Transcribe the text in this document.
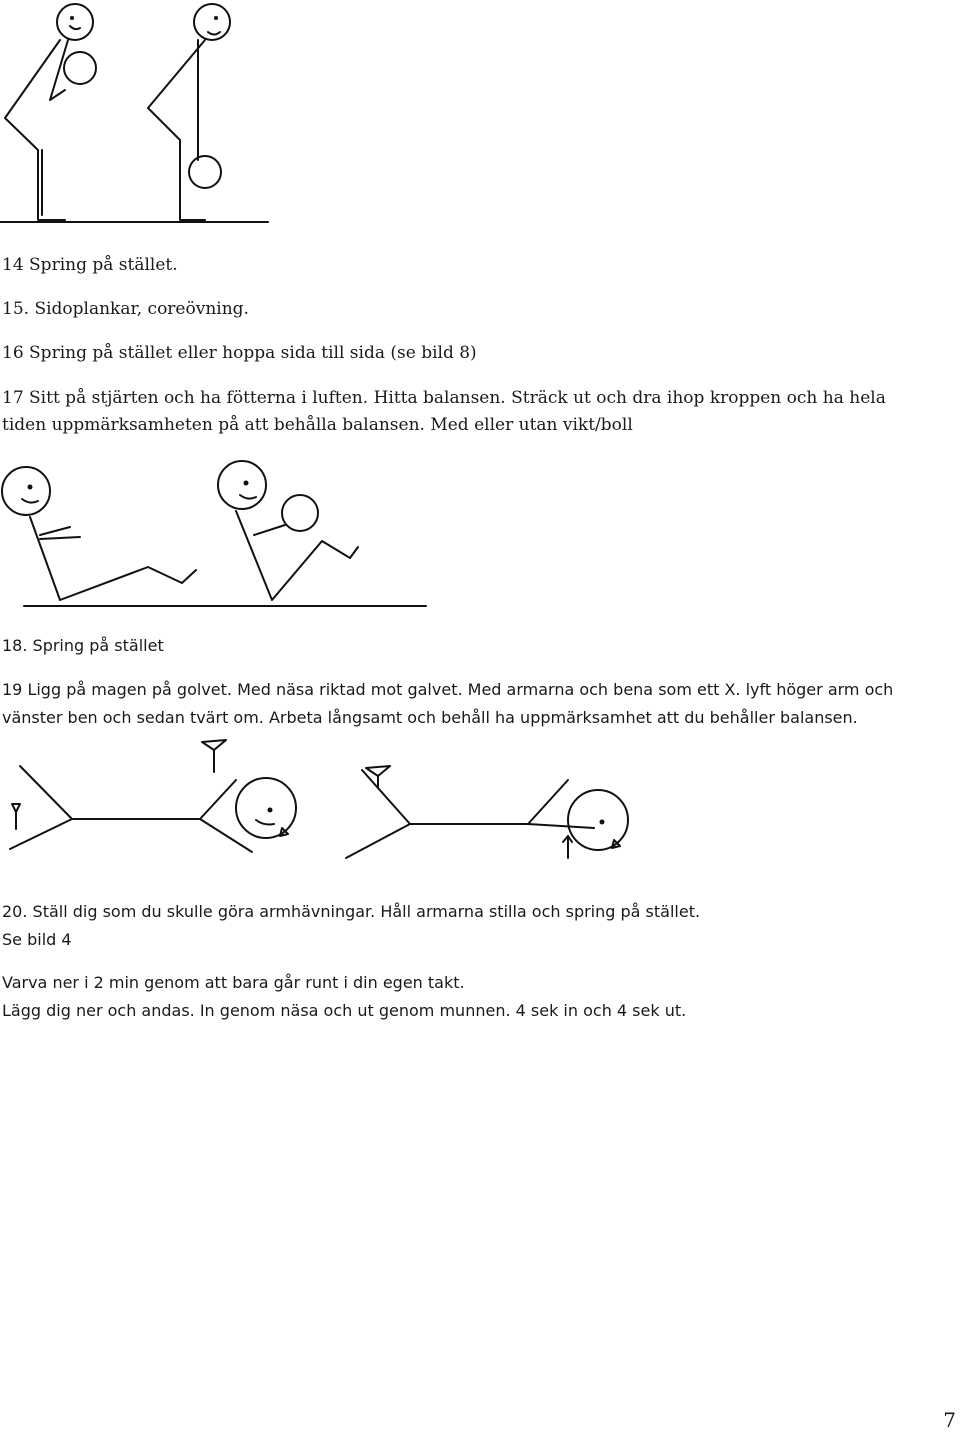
14 Spring på stället.

15. Sidoplankar, coreövning.

16 Spring på stället eller hoppa sida till sida (se bild 8)

17 Sitt på stjärten och ha fötterna i luften. Hitta balansen. Sträck ut och dra ihop kroppen och ha hela tiden uppmärksamheten på att behålla balansen. Med eller utan vikt/boll

18. Spring på stället

19 Ligg på magen på golvet. Med näsa riktad mot galvet. Med armarna och bena som ett X. lyft höger arm och vänster ben och sedan tvärt om. Arbeta långsamt och behåll ha uppmärksamhet att du behåller balansen.

20. Ställ dig som du skulle göra armhävningar. Håll armarna stilla och spring på stället.

Se bild 4

Varva ner i 2 min genom att bara går runt i din egen takt.

Lägg dig ner och andas. In genom näsa och ut genom munnen. 4 sek in och 4 sek ut.

7
